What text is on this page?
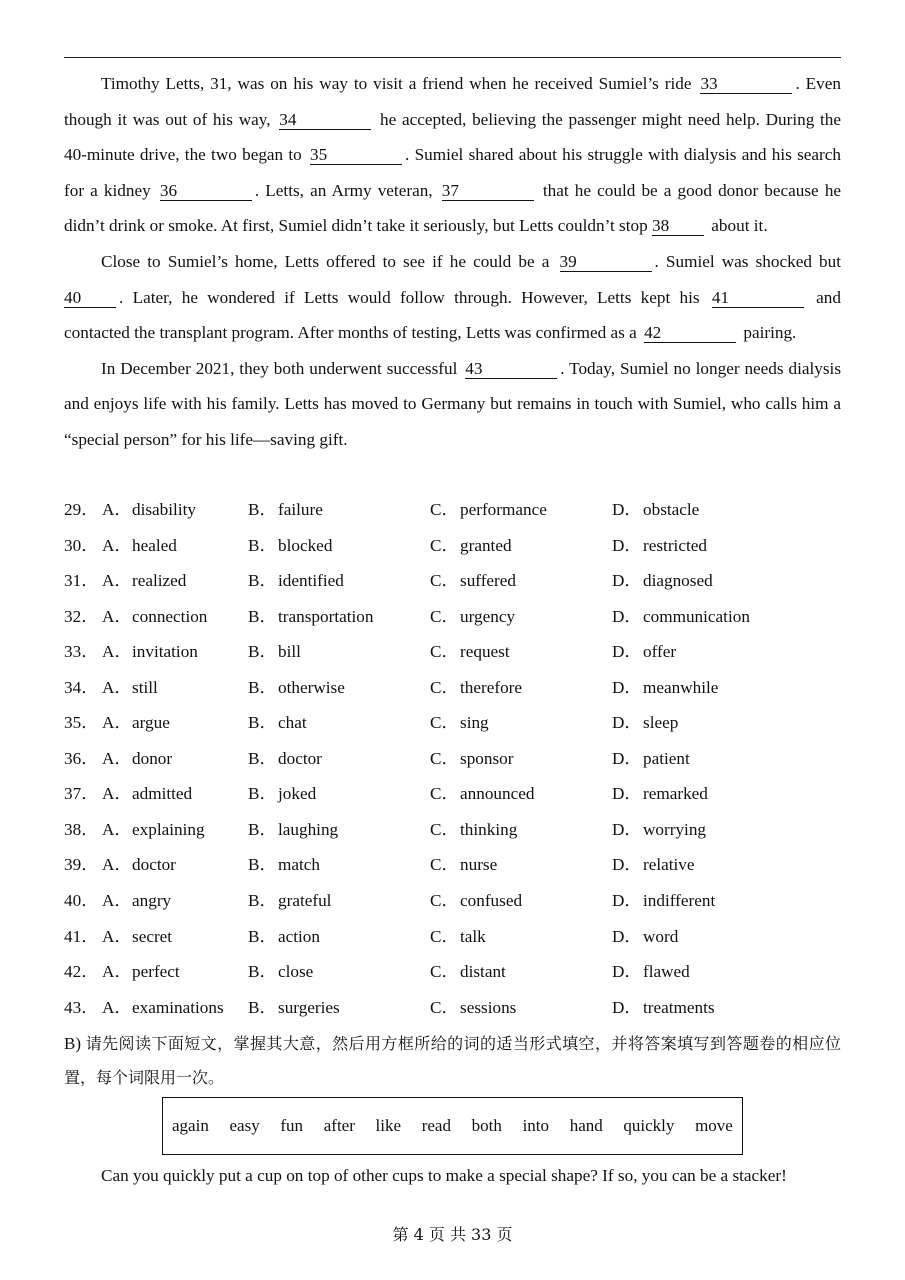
Timothy Letts, 31, was on his way to visit a friend when he received Sumiel’s ride 33	. Even though it was out of his way, 34	he accepted, believing the passenger might need help. During the 40-minute drive, the two began to 35	. Sumiel shared about his struggle with dialysis and his search for a kidney 36	. Letts, an Army veteran, 37	that he could be a good donor because he didn’t drink or smoke. At first, Sumiel didn’t take it seriously, but Letts couldn’t stop 38 about it.

Close to Sumiel’s home, Letts offered to see if he could be a 39	. Sumiel was shocked but 40 . Later, he wondered if Letts would follow through. However, Letts kept his 41	and contacted the transplant program. After months of testing, Letts was confirmed as a 42	pairing.

In December 2021, they both underwent successful 43	. Today, Sumiel no longer needs dialysis and enjoys life with his family. Letts has moved to Germany but remains in touch with Sumiel, who calls him a “special person” for his life—saving gift.

29． A． disability	B． failure	C． performance	D． obstacle
30． A． healed	B． blocked	C． granted	D． restricted
31． A． realized	B． identified	C． suffered	D． diagnosed
32． A． connection B． transportation	C． urgency	D． communication
33． A． invitation	B． bill	C． request	D． offer
34． A． still	B． otherwise	C． therefore	D． meanwhile
35． A． argue	B． chat	C． sing	D． sleep
36． A． donor	B． doctor	C． sponsor	D． patient
37． A． admitted	B． joked	C． announced	D． remarked
38． A． explaining	B． laughing	C． thinking	D． worrying
39． A． doctor	B． match	C． nurse	D． relative
40． A． angry	B． grateful	C． confused	D． indifferent
41． A． secret	B． action	C． talk	D． word
42． A． perfect	B． close	C． distant	D． flawed
43． A． examinations B． surgeries	C． sessions	D． treatments
B) 请先阅读下面短文，掌握其大意，然后用方框所给的词的适当形式填空，并将答案填写到答题卷的相应位置，每个词限用一次。
again easy fun after like read both into hand quickly move
Can you quickly put a cup on top of other cups to make a special shape? If so, you can be a stacker!
第 4 页 共 33 页
